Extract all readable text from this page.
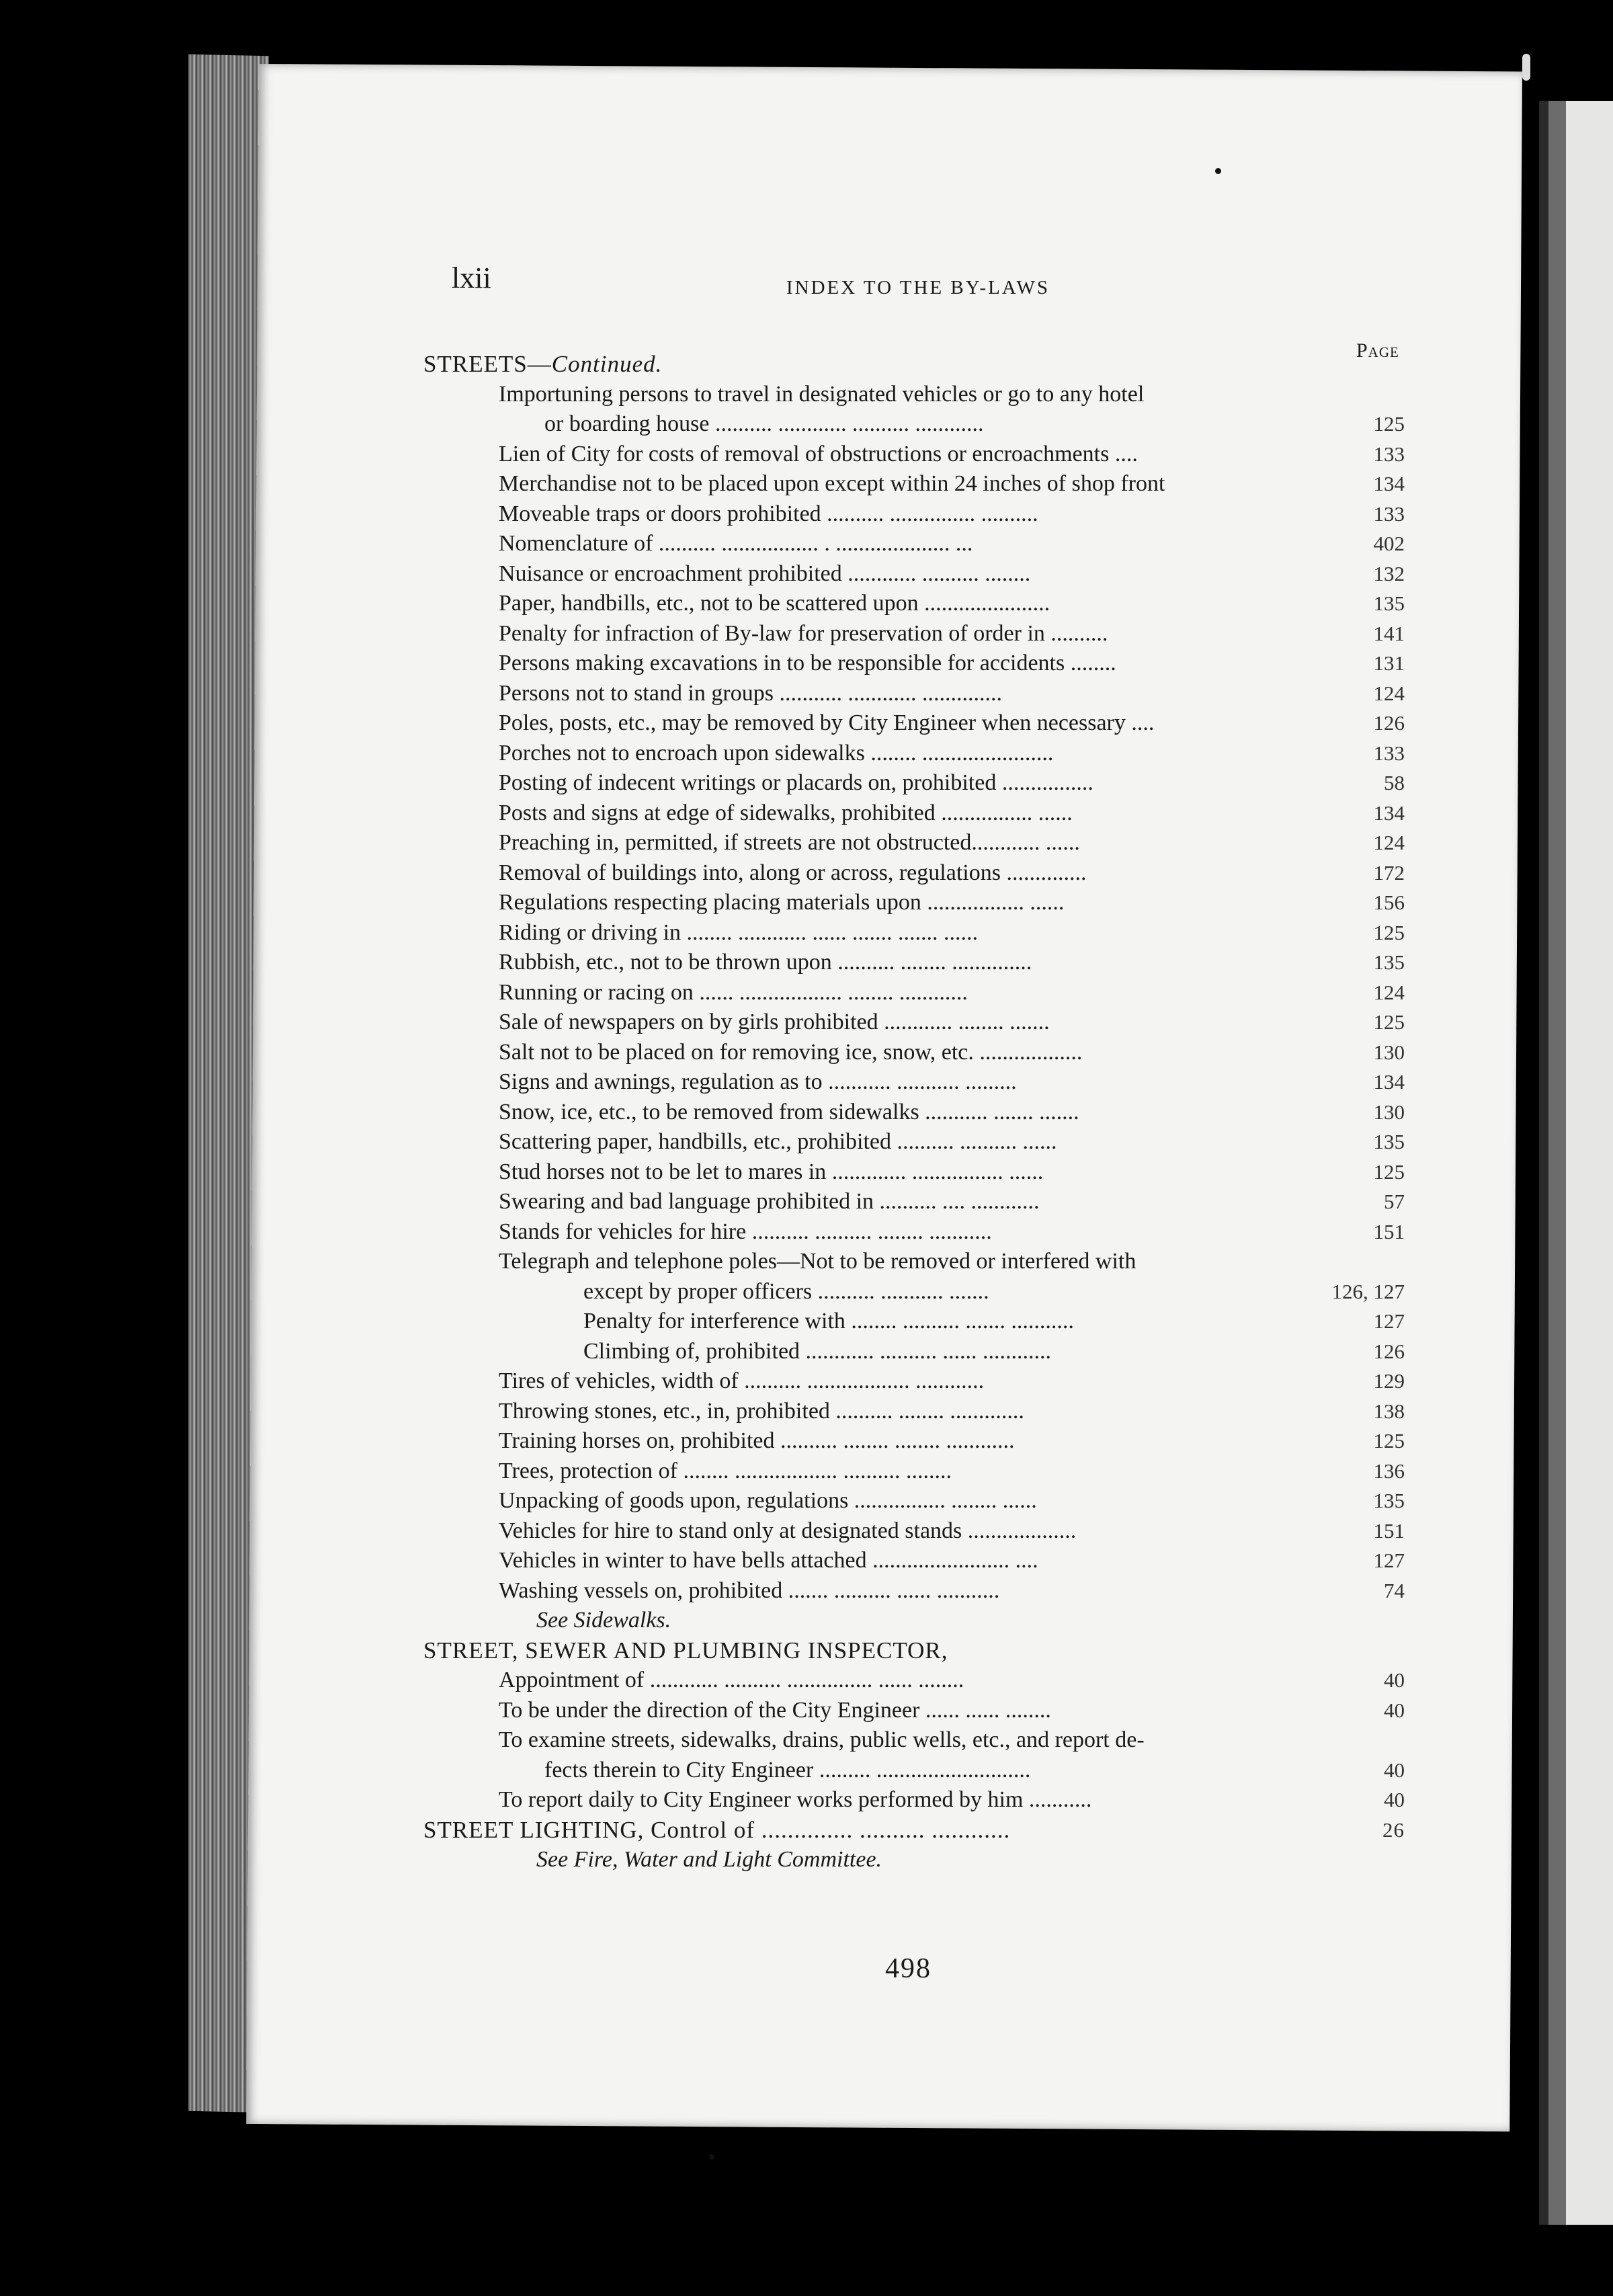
lxii	INDEX TO THE BY-LAWS
Page
STREETS—Continued.
Importuning persons to travel in designated vehicles or go to any hotel
or boarding house .......... ............ .......... ............	125
Lien of City for costs of removal of obstructions or encroachments ....	133
Merchandise not to be placed upon except within 24 inches of shop front	134
Moveable traps or doors prohibited .......... ............... ..........	133
Nomenclature of .......... ................. . .................... ...	402
Nuisance or encroachment prohibited ............ .......... ........	132
Paper, handbills, etc., not to be scattered upon ......................	135
Penalty for infraction of By-law for preservation of order in ..........	141
Persons making excavations in to be responsible for accidents ........	131
Persons not to stand in groups ........... ............ ..............	124
Poles, posts, etc., may be removed by City Engineer when necessary ....	126
Porches not to encroach upon sidewalks ........ .......................	133
Posting of indecent writings or placards on, prohibited ................	58
Posts and signs at edge of sidewalks, prohibited ................ ......	134
Preaching in, permitted, if streets are not obstructed............ ......	124
Removal of buildings into, along or across, regulations ..............	172
Regulations respecting placing materials upon ................. ......	156
Riding or driving in ........ ............ ...... ....... ....... ......	125
Rubbish, etc., not to be thrown upon .......... ........ ..............	135
Running or racing on ...... .................. ........ ............	124
Sale of newspapers on by girls prohibited ............ ........ .......	125
Salt not to be placed on for removing ice, snow, etc. ..................	130
Signs and awnings, regulation as to ........... ........... .........	134
Snow, ice, etc., to be removed from sidewalks ........... ....... .......	130
Scattering paper, handbills, etc., prohibited .......... .......... ......	135
Stud horses not to be let to mares in ............. ................ ......	125
Swearing and bad language prohibited in .......... .... ............	57
Stands for vehicles for hire .......... .......... ........ ...........	151
Telegraph and telephone poles—Not to be removed or interfered with
except by proper officers .......... ........... .......	126, 127
Penalty for interference with ........ .......... ....... ...........	127
Climbing of, prohibited ............ .......... ...... ............	126
Tires of vehicles, width of .......... .................. ............	129
Throwing stones, etc., in, prohibited .......... ........ .............	138
Training horses on, prohibited .......... ........ ........ ............	125
Trees, protection of ........ .................. .......... ........	136
Unpacking of goods upon, regulations ................ ........ ......	135
Vehicles for hire to stand only at designated stands ...................	151
Vehicles in winter to have bells attached ........................ ....	127
Washing vessels on, prohibited ....... .......... ...... ...........	74
See Sidewalks.
STREET, SEWER AND PLUMBING INSPECTOR,
Appointment of ............ .......... ............... ...... ........	40
To be under the direction of the City Engineer ...... ...... ........	40
To examine streets, sidewalks, drains, public wells, etc., and report de-
fects therein to City Engineer ......... ...........................	40
To report daily to City Engineer works performed by him ...........	40
STREET LIGHTING, Control of .............. .......... ............	26
See Fire, Water and Light Committee.
498
